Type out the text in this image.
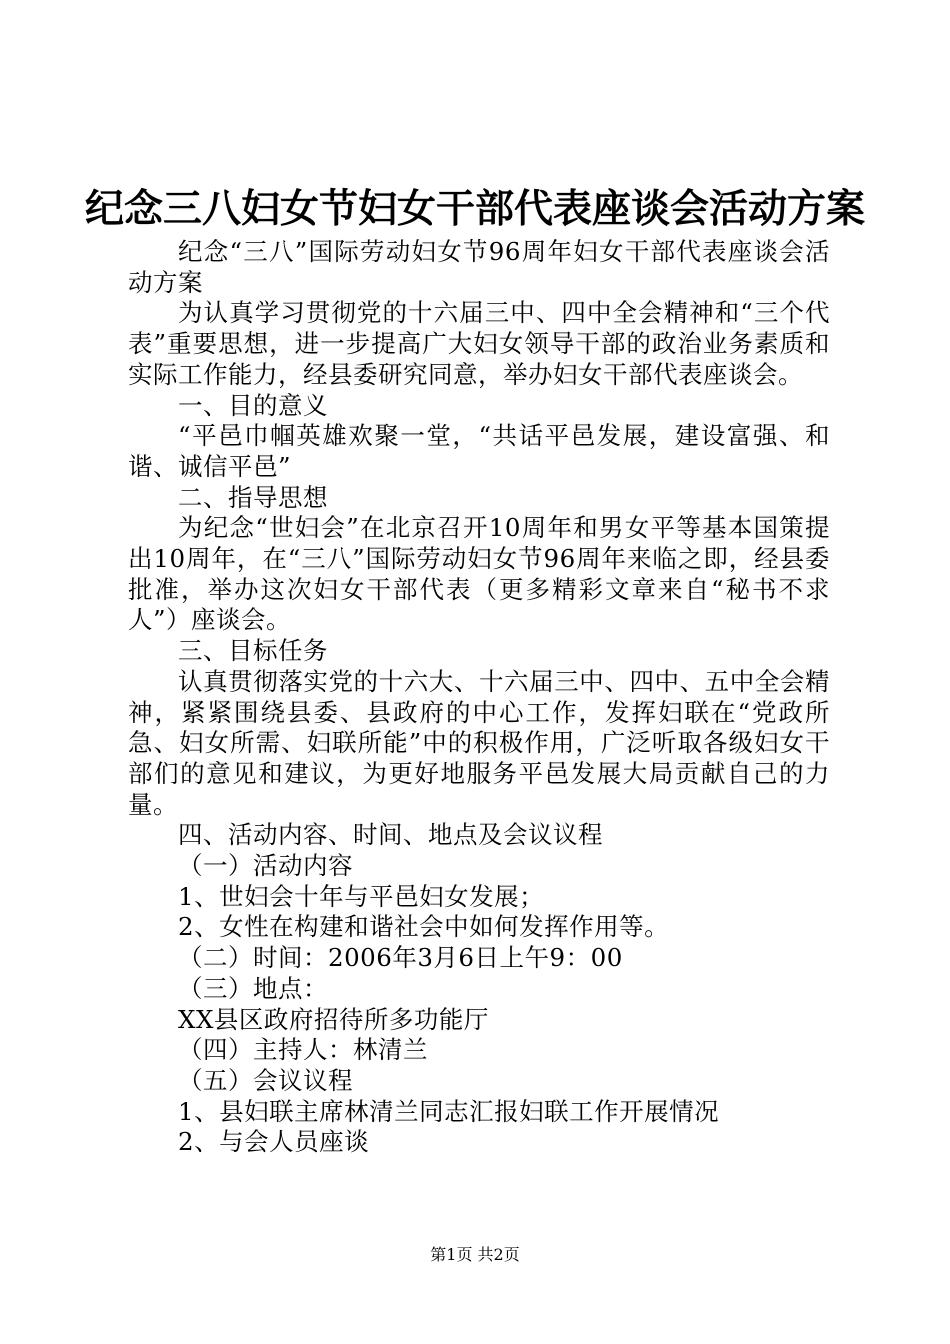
纪念三八妇女节妇女干部代表座谈会活动方案

纪念“三八”国际劳动妇女节96周年妇女干部代表座谈会活动方案

为认真学习贯彻党的十六届三中、四中全会精神和“三个代表”重要思想，进一步提高广大妇女领导干部的政治业务素质和实际工作能力，经县委研究同意，举办妇女干部代表座谈会。

一、目的意义

“平邑巾帼英雄欢聚一堂，“共话平邑发展，建设富强、和谐、诚信平邑”

二、指导思想

为纪念“世妇会”在北京召开10周年和男女平等基本国策提出10周年，在“三八”国际劳动妇女节96周年来临之即，经县委批准，举办这次妇女干部代表（更多精彩文章来自“秘书不求人”）座谈会。

三、目标任务

认真贯彻落实党的十六大、十六届三中、四中、五中全会精神，紧紧围绕县委、县政府的中心工作，发挥妇联在“党政所急、妇女所需、妇联所能”中的积极作用，广泛听取各级妇女干部们的意见和建议，为更好地服务平邑发展大局贡献自己的力量。

四、活动内容、时间、地点及会议议程

（一）活动内容

1、世妇会十年与平邑妇女发展；

2、女性在构建和谐社会中如何发挥作用等。

（二）时间：2006年3月6日上午9：00

（三）地点：

XX县区政府招待所多功能厅

（四）主持人：林清兰

（五）会议议程

1、县妇联主席林清兰同志汇报妇联工作开展情况

2、与会人员座谈

第1页 共2页
